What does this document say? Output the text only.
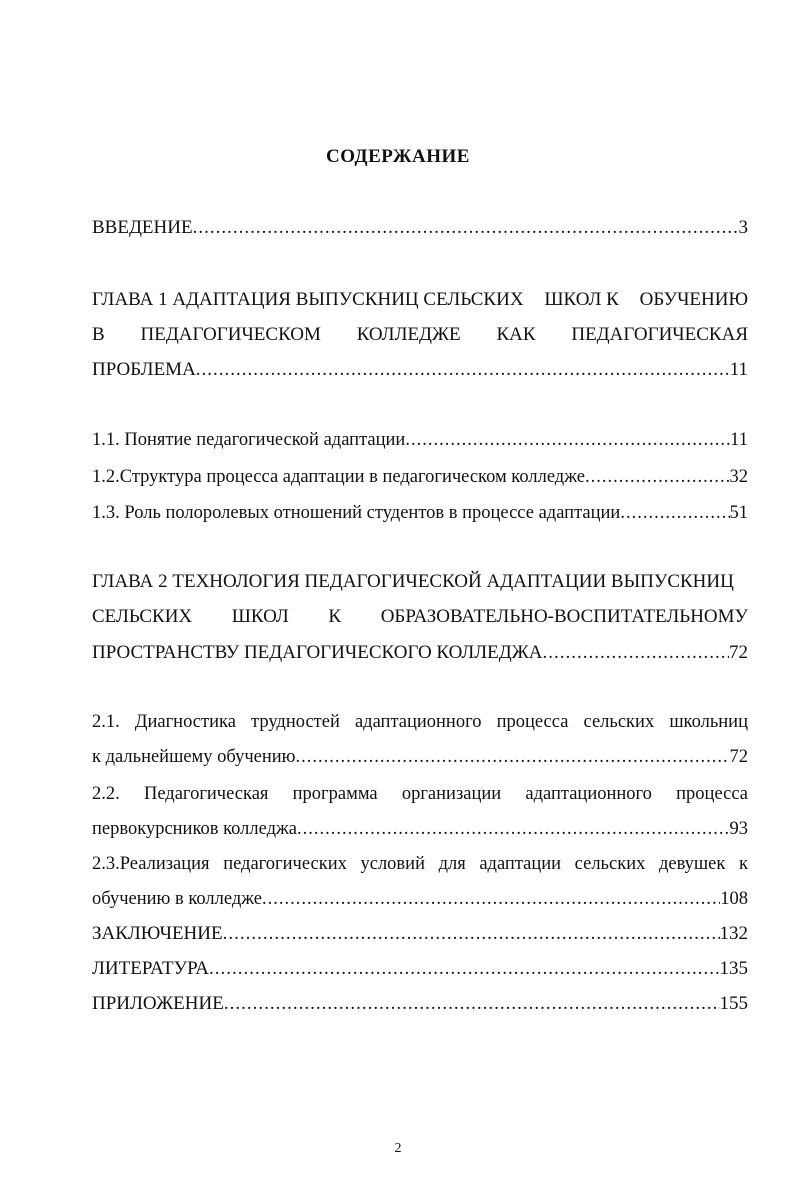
СОДЕРЖАНИЕ
ВВЕДЕНИЕ .....	3
ГЛАВА 1 АДАПТАЦИЯ ВЫПУСКНИЦ СЕЛЬСКИХ ШКОЛ К ОБУЧЕНИЮ
В ПЕДАГОГИЧЕСКОМ КОЛЛЕДЖЕ КАК ПЕДАГОГИЧЕСКАЯ
ПРОБЛЕМА .....	11
1.1. Понятие педагогической адаптации .....	11
1.2.Структура процесса адаптации в педагогическом колледже .....	32
1.3. Роль полоролевых отношений студентов в процессе адаптации .....	51
ГЛАВА 2 ТЕХНОЛОГИЯ ПЕДАГОГИЧЕСКОЙ АДАПТАЦИИ ВЫПУСКНИЦ
СЕЛЬСКИХ ШКОЛ К ОБРАЗОВАТЕЛЬНО-ВОСПИТАТЕЛЬНОМУ
ПРОСТРАНСТВУ ПЕДАГОГИЧЕСКОГО КОЛЛЕДЖА .....	72
2.1. Диагностика трудностей адаптационного процесса сельских школьниц
к дальнейшему обучению .....	72
2.2. Педагогическая программа организации адаптационного процесса
первокурсников колледжа .....	93
2.3.Реализация педагогических условий для адаптации сельских девушек к
обучению в колледже .....	108
ЗАКЛЮЧЕНИЕ .....	132
ЛИТЕРАТУРА .....	135
ПРИЛОЖЕНИЕ .....	155
2
